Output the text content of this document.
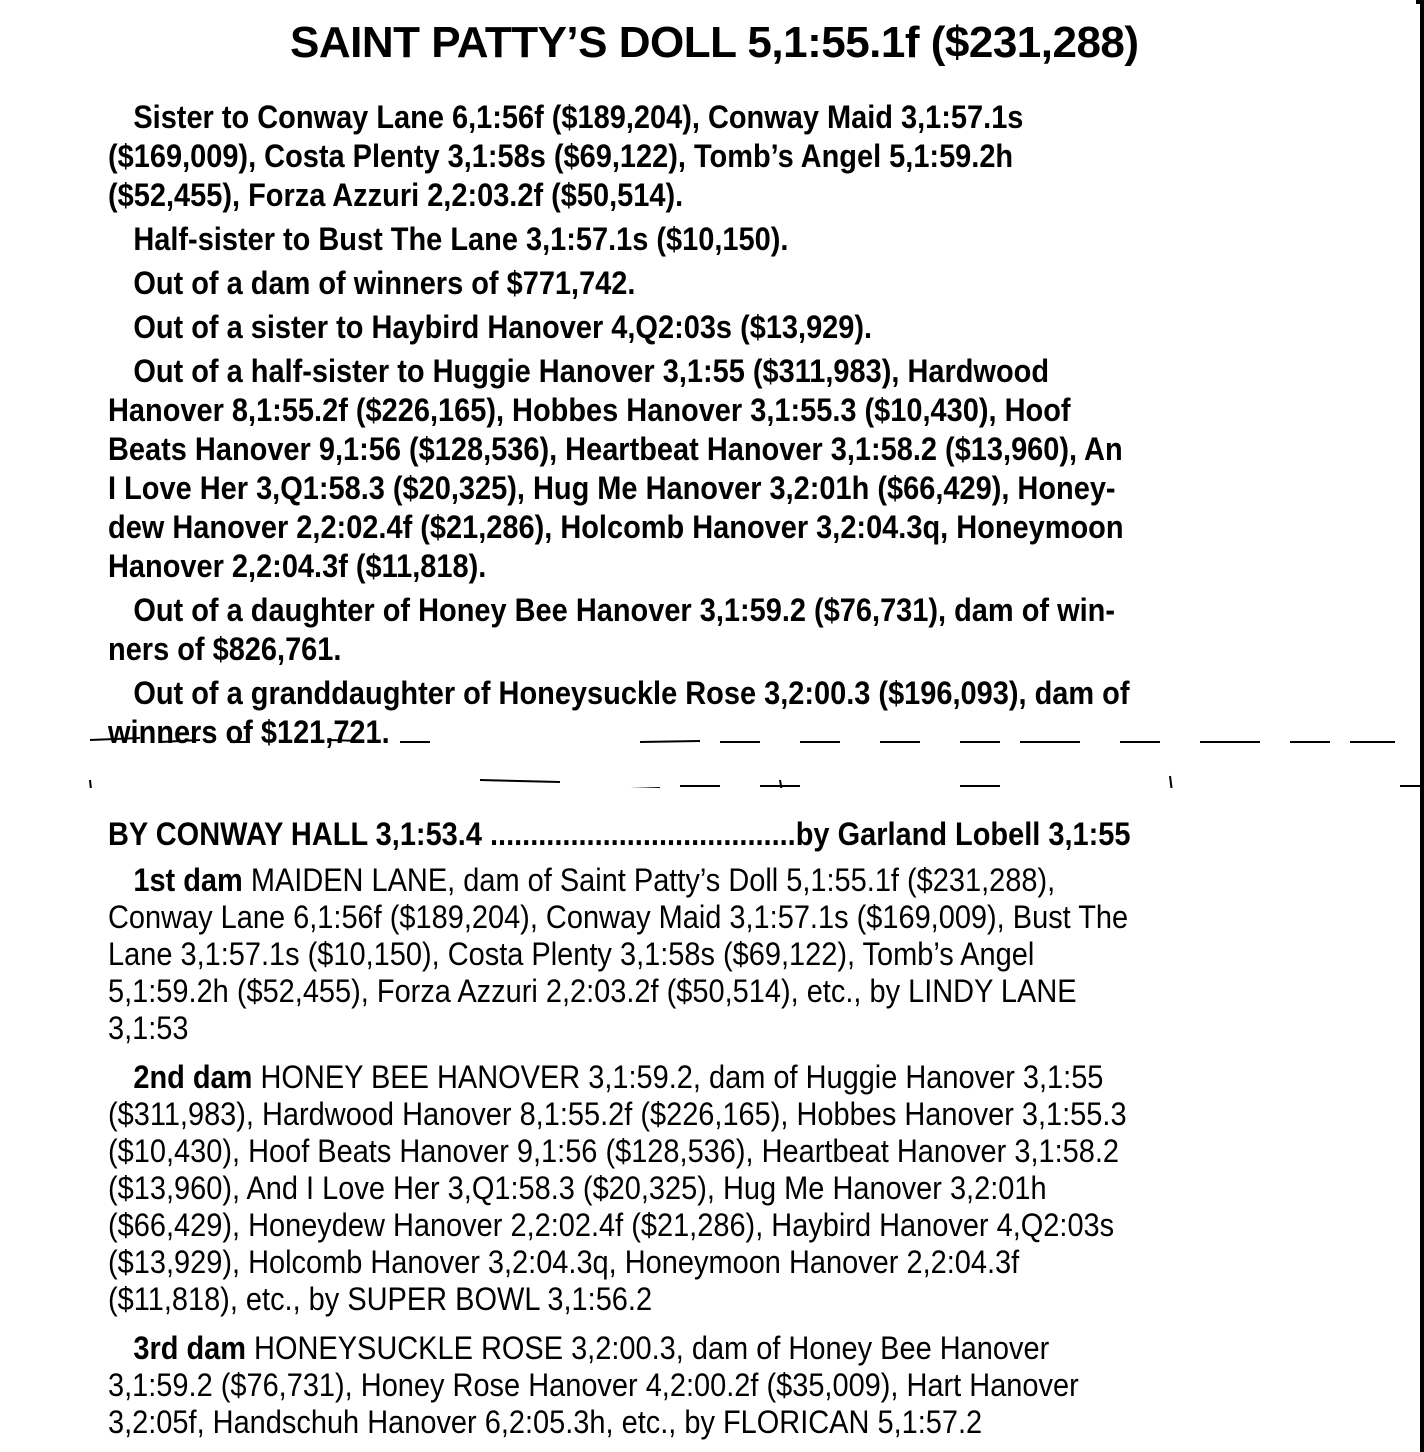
SAINT PATTY’S DOLL 5,1:55.1f ($231,288)
Sister to Conway Lane 6,1:56f ($189,204), Conway Maid 3,1:57.1s
($169,009), Costa Plenty 3,1:58s ($69,122), Tomb’s Angel 5,1:59.2h
($52,455), Forza Azzuri 2,2:03.2f ($50,514).
Half-sister to Bust The Lane 3,1:57.1s ($10,150).
Out of a dam of winners of $771,742.
Out of a sister to Haybird Hanover 4,Q2:03s ($13,929).
Out of a half-sister to Huggie Hanover 3,1:55 ($311,983), Hardwood
Hanover 8,1:55.2f ($226,165), Hobbes Hanover 3,1:55.3 ($10,430), Hoof
Beats Hanover 9,1:56 ($128,536), Heartbeat Hanover 3,1:58.2 ($13,960), An
I Love Her 3,Q1:58.3 ($20,325), Hug Me Hanover 3,2:01h ($66,429), Honey-
dew Hanover 2,2:02.4f ($21,286), Holcomb Hanover 3,2:04.3q, Honeymoon
Hanover 2,2:04.3f ($11,818).
Out of a daughter of Honey Bee Hanover 3,1:59.2 ($76,731), dam of win-
ners of $826,761.
Out of a granddaughter of Honeysuckle Rose 3,2:00.3 ($196,093), dam of
winners of $121,721.
BY CONWAY HALL 3,1:53.4 ......................................by Garland Lobell 3,1:55
1st dam MAIDEN LANE, dam of Saint Patty’s Doll 5,1:55.1f ($231,288),
Conway Lane 6,1:56f ($189,204), Conway Maid 3,1:57.1s ($169,009), Bust The
Lane 3,1:57.1s ($10,150), Costa Plenty 3,1:58s ($69,122), Tomb’s Angel
5,1:59.2h ($52,455), Forza Azzuri 2,2:03.2f ($50,514), etc., by LINDY LANE
3,1:53
2nd dam HONEY BEE HANOVER 3,1:59.2, dam of Huggie Hanover 3,1:55
($311,983), Hardwood Hanover 8,1:55.2f ($226,165), Hobbes Hanover 3,1:55.3
($10,430), Hoof Beats Hanover 9,1:56 ($128,536), Heartbeat Hanover 3,1:58.2
($13,960), And I Love Her 3,Q1:58.3 ($20,325), Hug Me Hanover 3,2:01h
($66,429), Honeydew Hanover 2,2:02.4f ($21,286), Haybird Hanover 4,Q2:03s
($13,929), Holcomb Hanover 3,2:04.3q, Honeymoon Hanover 2,2:04.3f
($11,818), etc., by SUPER BOWL 3,1:56.2
3rd dam HONEYSUCKLE ROSE 3,2:00.3, dam of Honey Bee Hanover
3,1:59.2 ($76,731), Honey Rose Hanover 4,2:00.2f ($35,009), Hart Hanover
3,2:05f, Handschuh Hanover 6,2:05.3h, etc., by FLORICAN 5,1:57.2
